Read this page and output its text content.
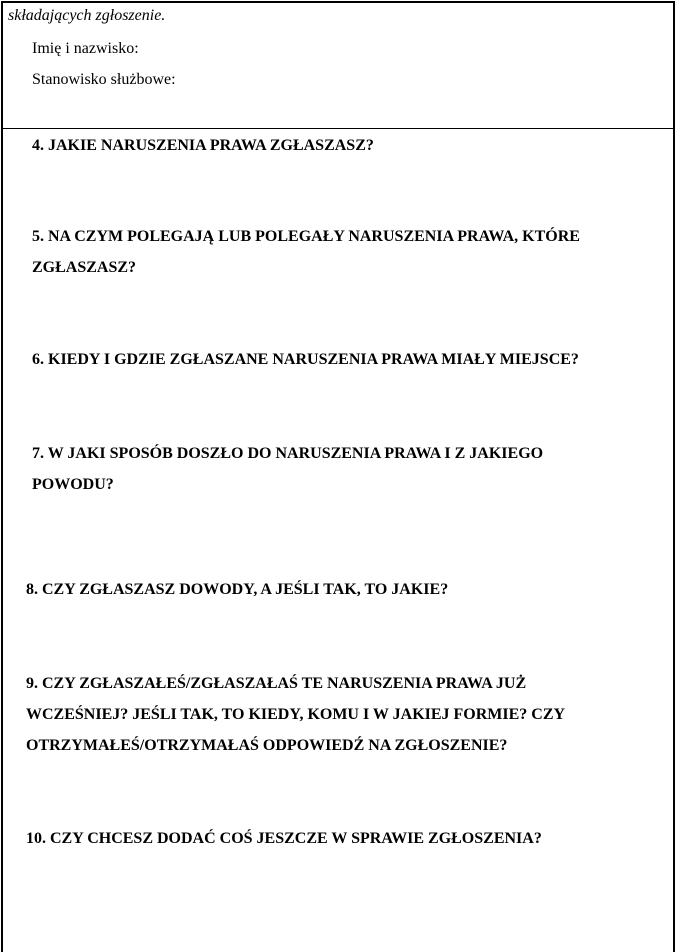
składających zgłoszenie.

Imię i nazwisko:

Stanowisko służbowe:

4. JAKIE NARUSZENIA PRAWA ZGŁASZASZ?
5. NA CZYM POLEGAJĄ LUB POLEGAŁY NARUSZENIA PRAWA, KTÓRE
ZGŁASZASZ?
6. KIEDY I GDZIE ZGŁASZANE NARUSZENIA PRAWA MIAŁY MIEJSCE?
7. W JAKI SPOSÓB DOSZŁO DO NARUSZENIA PRAWA I Z JAKIEGO
POWODU?
8. CZY ZGŁASZASZ DOWODY, A JEŚLI TAK, TO JAKIE?
9. CZY ZGŁASZAŁEŚ/ZGŁASZAŁAŚ TE NARUSZENIA PRAWA JUŻ
WCZEŚNIEJ? JEŚLI TAK, TO KIEDY, KOMU I W JAKIEJ FORMIE? CZY
OTRZYMAŁEŚ/OTRZYMAŁAŚ ODPOWIEDŹ NA ZGŁOSZENIE?
10. CZY CHCESZ DODAĆ COŚ JESZCZE W SPRAWIE ZGŁOSZENIA?
